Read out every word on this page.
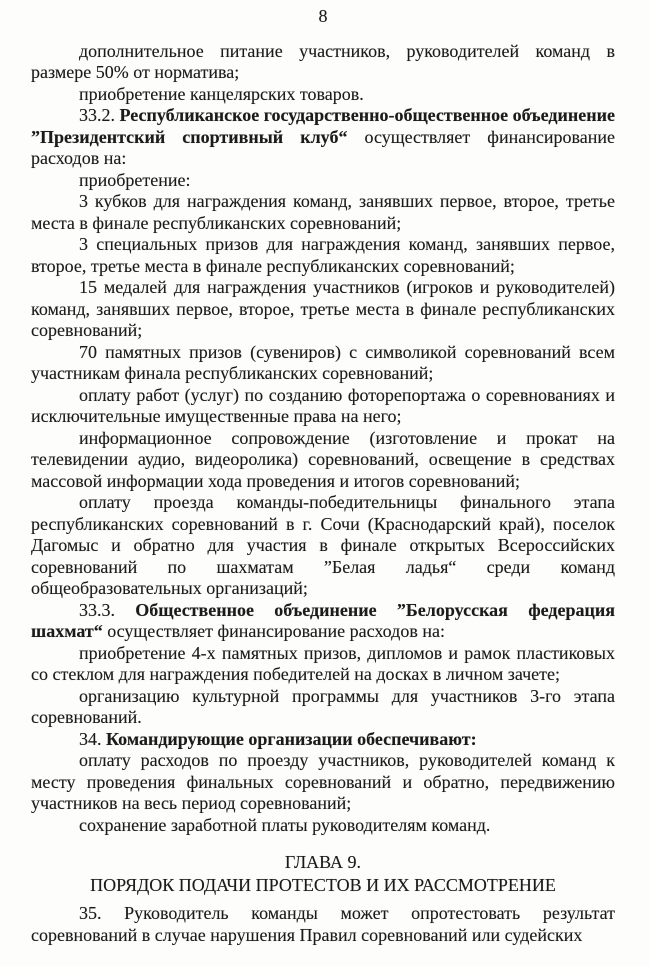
8

дополнительное питание участников, руководителей команд в размере 50% от норматива;

приобретение канцелярских товаров.

33.2. Республиканское государственно-общественное объединение ”Президентский спортивный клуб“ осуществляет финансирование расходов на:

приобретение:

3 кубков для награждения команд, занявших первое, второе, третье места в финале республиканских соревнований;

3 специальных призов для награждения команд, занявших первое, второе, третье места в финале республиканских соревнований;

15 медалей для награждения участников (игроков и руководителей) команд, занявших первое, второе, третье места в финале республиканских соревнований;

70 памятных призов (сувениров) с символикой соревнований всем участникам финала республиканских соревнований;

оплату работ (услуг) по созданию фоторепортажа о соревнованиях и исключительные имущественные права на него;

информационное сопровождение (изготовление и прокат на телевидении аудио, видеоролика) соревнований, освещение в средствах массовой информации хода проведения и итогов соревнований;

оплату проезда команды-победительницы финального этапа республиканских соревнований в г. Сочи (Краснодарский край), поселок Дагомыс и обратно для участия в финале открытых Всероссийских соревнований по шахматам ”Белая ладья“ среди команд общеобразовательных организаций;

33.3. Общественное объединение ”Белорусская федерация шахмат“ осуществляет финансирование расходов на:

приобретение 4-х памятных призов, дипломов и рамок пластиковых со стеклом для награждения победителей на досках в личном зачете;

организацию культурной программы для участников 3-го этапа соревнований.

34. Командирующие организации обеспечивают:

оплату расходов по проезду участников, руководителей команд к месту проведения финальных соревнований и обратно, передвижению участников на весь период соревнований;

сохранение заработной платы руководителям команд.

ГЛАВА 9.
ПОРЯДОК ПОДАЧИ ПРОТЕСТОВ И ИХ РАССМОТРЕНИЕ

35. Руководитель команды может опротестовать результат соревнований в случае нарушения Правил соревнований или судейских
